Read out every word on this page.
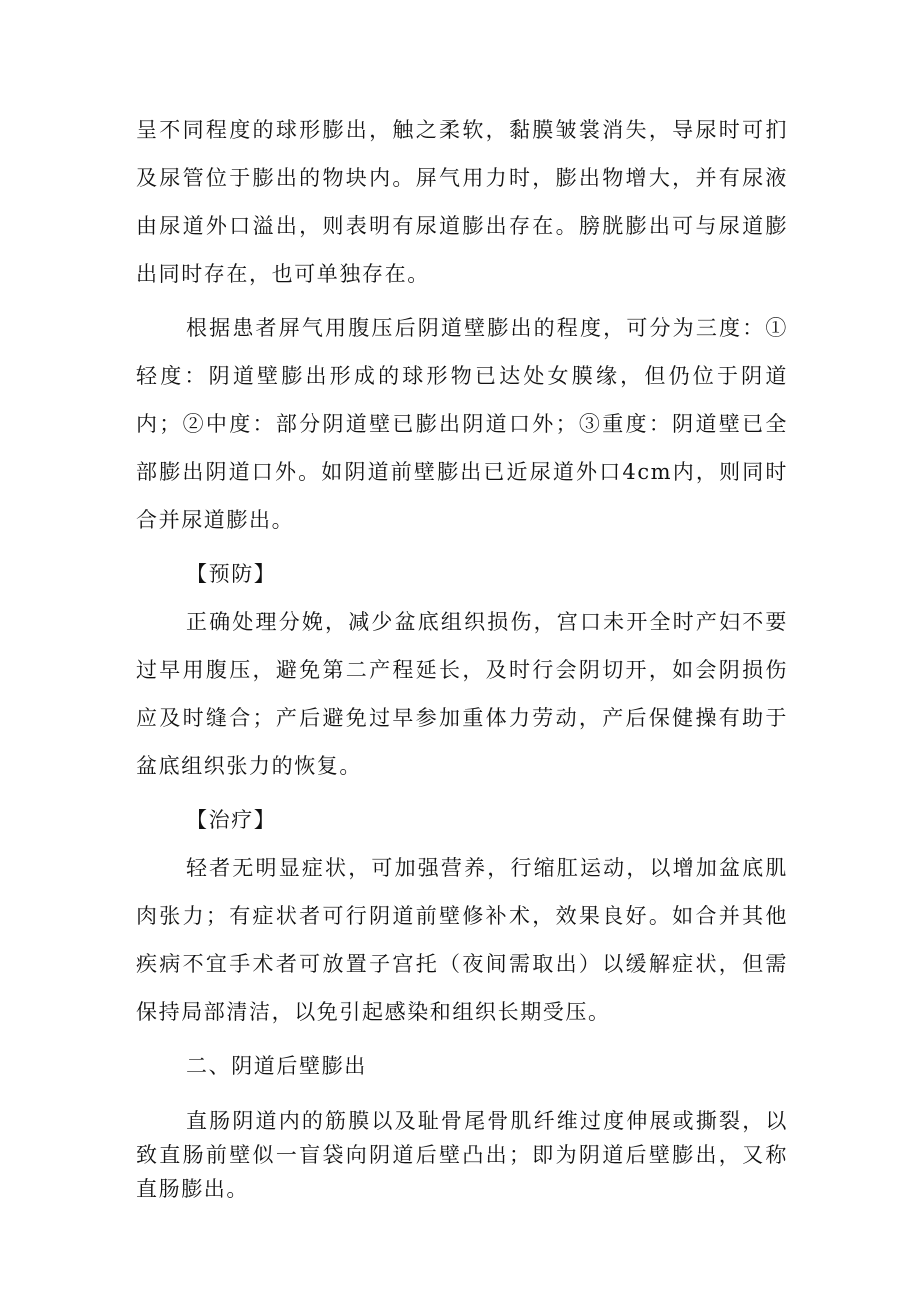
呈不同程度的球形膨出，触之柔软，黏膜皱裳消失，导尿时可扪及尿管位于膨出的物块内。屏气用力时，膨出物增大，并有尿液由尿道外口溢出，则表明有尿道膨出存在。膀胱膨出可与尿道膨出同时存在，也可单独存在。

根据患者屏气用腹压后阴道壁膨出的程度，可分为三度：①轻度：阴道壁膨出形成的球形物已达处女膜缘，但仍位于阴道内；②中度：部分阴道壁已膨出阴道口外；③重度：阴道壁已全部膨出阴道口外。如阴道前壁膨出已近尿道外口4cm内，则同时合并尿道膨出。

【预防】

正确处理分娩，减少盆底组织损伤，宫口未开全时产妇不要过早用腹压，避免第二产程延长，及时行会阴切开，如会阴损伤应及时缝合；产后避免过早参加重体力劳动，产后保健操有助于盆底组织张力的恢复。

【治疗】

轻者无明显症状，可加强营养，行缩肛运动，以增加盆底肌肉张力；有症状者可行阴道前壁修补术，效果良好。如合并其他疾病不宜手术者可放置子宫托（夜间需取出）以缓解症状，但需保持局部清洁，以免引起感染和组织长期受压。

二、阴道后壁膨出

直肠阴道内的筋膜以及耻骨尾骨肌纤维过度伸展或撕裂，以致直肠前壁似一盲袋向阴道后壁凸出；即为阴道后壁膨出，又称直肠膨出。
